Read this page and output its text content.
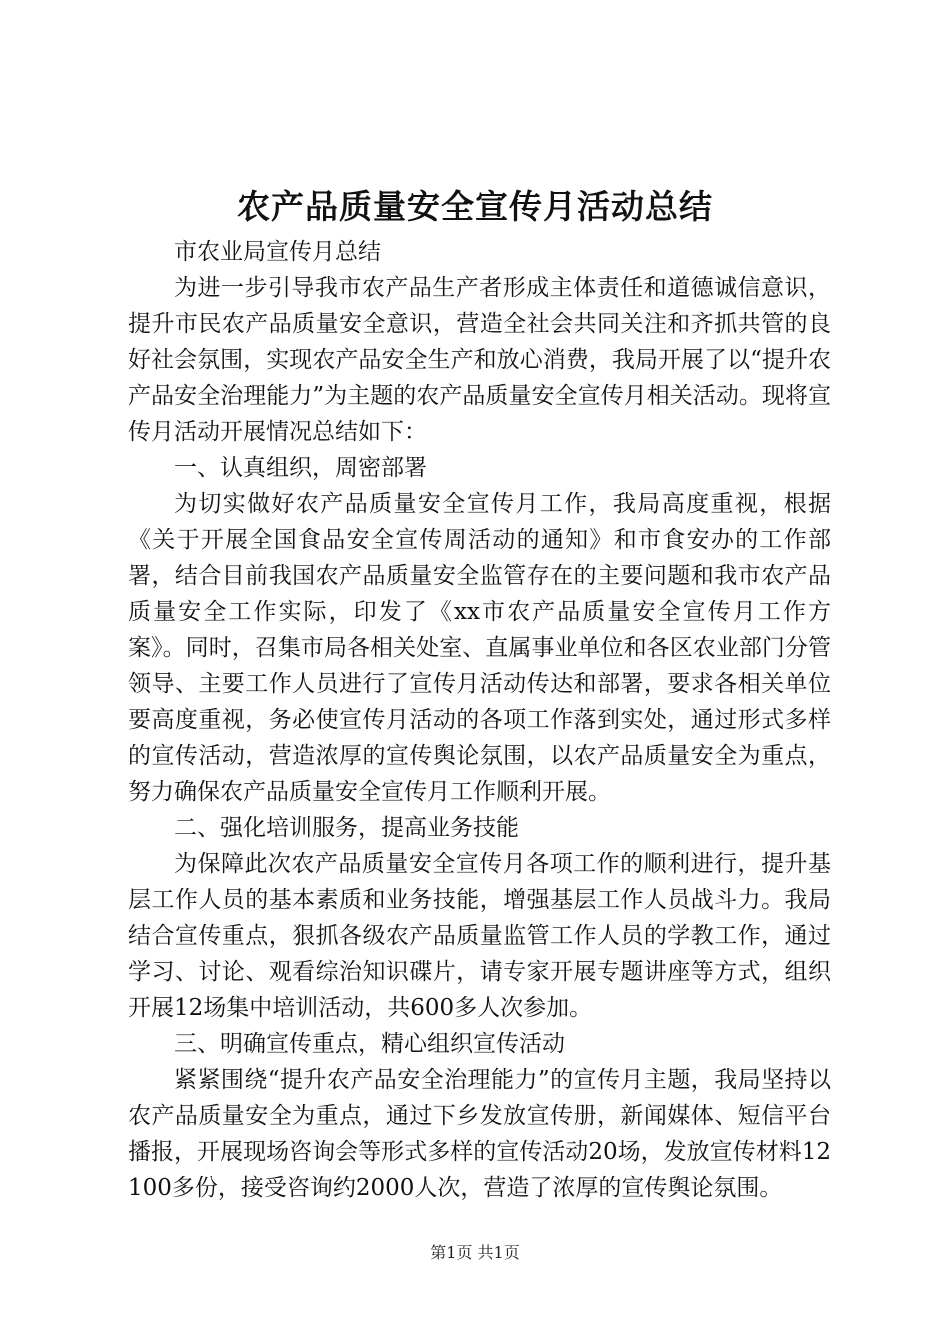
农产品质量安全宣传月活动总结

市农业局宣传月总结

为进一步引导我市农产品生产者形成主体责任和道德诚信意识，提升市民农产品质量安全意识，营造全社会共同关注和齐抓共管的良好社会氛围，实现农产品安全生产和放心消费，我局开展了以“提升农产品安全治理能力”为主题的农产品质量安全宣传月相关活动。现将宣传月活动开展情况总结如下：

一、认真组织，周密部署

为切实做好农产品质量安全宣传月工作，我局高度重视，根据《关于开展全国食品安全宣传周活动的通知》和市食安办的工作部署，结合目前我国农产品质量安全监管存在的主要问题和我市农产品质量安全工作实际，印发了《xx市农产品质量安全宣传月工作方案》。同时，召集市局各相关处室、直属事业单位和各区农业部门分管领导、主要工作人员进行了宣传月活动传达和部署，要求各相关单位要高度重视，务必使宣传月活动的各项工作落到实处，通过形式多样的宣传活动，营造浓厚的宣传舆论氛围，以农产品质量安全为重点，努力确保农产品质量安全宣传月工作顺利开展。

二、强化培训服务，提高业务技能

为保障此次农产品质量安全宣传月各项工作的顺利进行，提升基层工作人员的基本素质和业务技能，增强基层工作人员战斗力。我局结合宣传重点，狠抓各级农产品质量监管工作人员的学教工作，通过学习、讨论、观看综治知识碟片，请专家开展专题讲座等方式，组织开展12场集中培训活动，共600多人次参加。

三、明确宣传重点，精心组织宣传活动

紧紧围绕“提升农产品安全治理能力”的宣传月主题，我局坚持以农产品质量安全为重点，通过下乡发放宣传册，新闻媒体、短信平台播报，开展现场咨询会等形式多样的宣传活动20场，发放宣传材料12100多份，接受咨询约2000人次，营造了浓厚的宣传舆论氛围。

第1页 共1页
